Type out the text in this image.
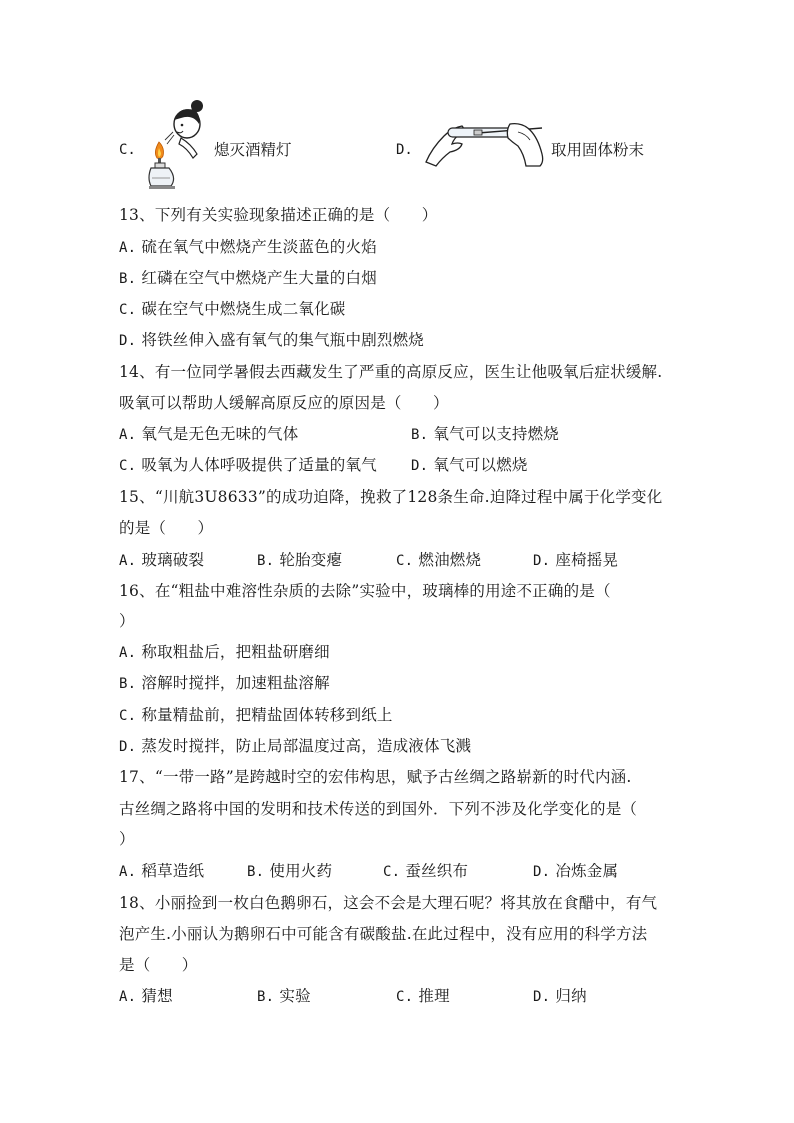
C.	熄灭酒精灯	D.	取用固体粉末
13、下列有关实验现象描述正确的是（　　）
A. 硫在氧气中燃烧产生淡蓝色的火焰
B. 红磷在空气中燃烧产生大量的白烟
C. 碳在空气中燃烧生成二氧化碳
D. 将铁丝伸入盛有氧气的集气瓶中剧烈燃烧
14、有一位同学暑假去西藏发生了严重的高原反应，医生让他吸氧后症状缓解.
吸氧可以帮助人缓解高原反应的原因是（　　）
A. 氧气是无色无味的气体	B. 氧气可以支持燃烧
C. 吸氧为人体呼吸提供了适量的氧气 D. 氧气可以燃烧
15、“川航3U8633”的成功迫降，挽救了128条生命.迫降过程中属于化学变化
的是（　　）
A. 玻璃破裂	B. 轮胎变瘪	C. 燃油燃烧	D. 座椅摇晃
16、在“粗盐中难溶性杂质的去除”实验中，玻璃棒的用途不正确的是（
）
A. 称取粗盐后，把粗盐研磨细
B. 溶解时搅拌，加速粗盐溶解
C. 称量精盐前，把精盐固体转移到纸上
D. 蒸发时搅拌，防止局部温度过高，造成液体飞溅
17、“一带一路”是跨越时空的宏伟构思，赋予古丝绸之路崭新的时代内涵.
古丝绸之路将中国的发明和技术传送的到国外．下列不涉及化学变化的是（
）
A. 稻草造纸	B. 使用火药	C. 蚕丝织布	D. 冶炼金属
18、小丽捡到一枚白色鹅卵石，这会不会是大理石呢？将其放在食醋中，有气
泡产生.小丽认为鹅卵石中可能含有碳酸盐.在此过程中，没有应用的科学方法
是（　　）
A. 猜想	B. 实验	C. 推理	D. 归纳
